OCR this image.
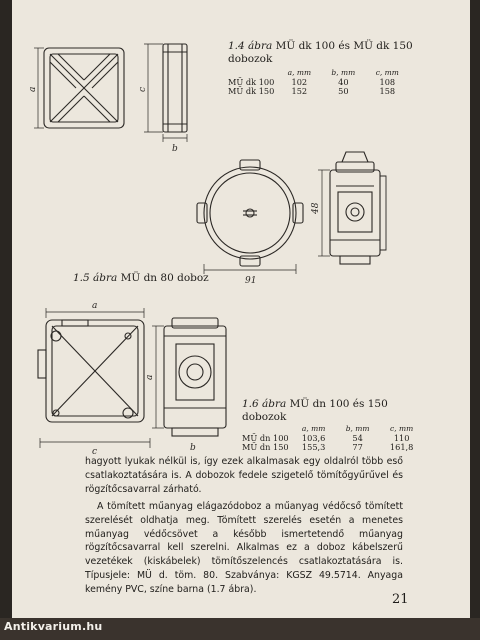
a	c
b
91
48
a
c	b
a
1.4 ábra MÜ dk 100 és MÜ dk 150
dobozok
	a, mm	b, mm	c, mm
MÜ dk 100	102	40	108
MÜ dk 150	152	50	158
1.5 ábra MÜ dn 80 doboz
1.6 ábra MÜ dn 100 és 150
dobozok
	a, mm	b, mm	c, mm
MÜ dn 100	103,6	54	110
MÜ dn 150	155,3	77	161,8

hagyott lyukak nélkül is, így ezek alkalmasak egy oldalról több eső csatlakoztatására is. A dobozok fedele szigetelő tömítőgyűrűvel és rögzítőcsavarral zárható.

A tömített műanyag elágazódoboz a műanyag védőcső tömített szerelését oldhatja meg. Tömített szerelés esetén a menetes műanyag védőcsövet a később ismertetendő műanyag rögzítőcsavarral kell szerelni. Alkalmas ez a doboz kábelszerű vezetékek (kiskábelek) tömítőszelencés csatlakoztatására is. Típusjele: MÜ d. töm. 80. Szabványa: KGSZ 49.5714. Anyaga kemény PVC, színe barna (1.7 ábra).

21
Antikvarium.hu
